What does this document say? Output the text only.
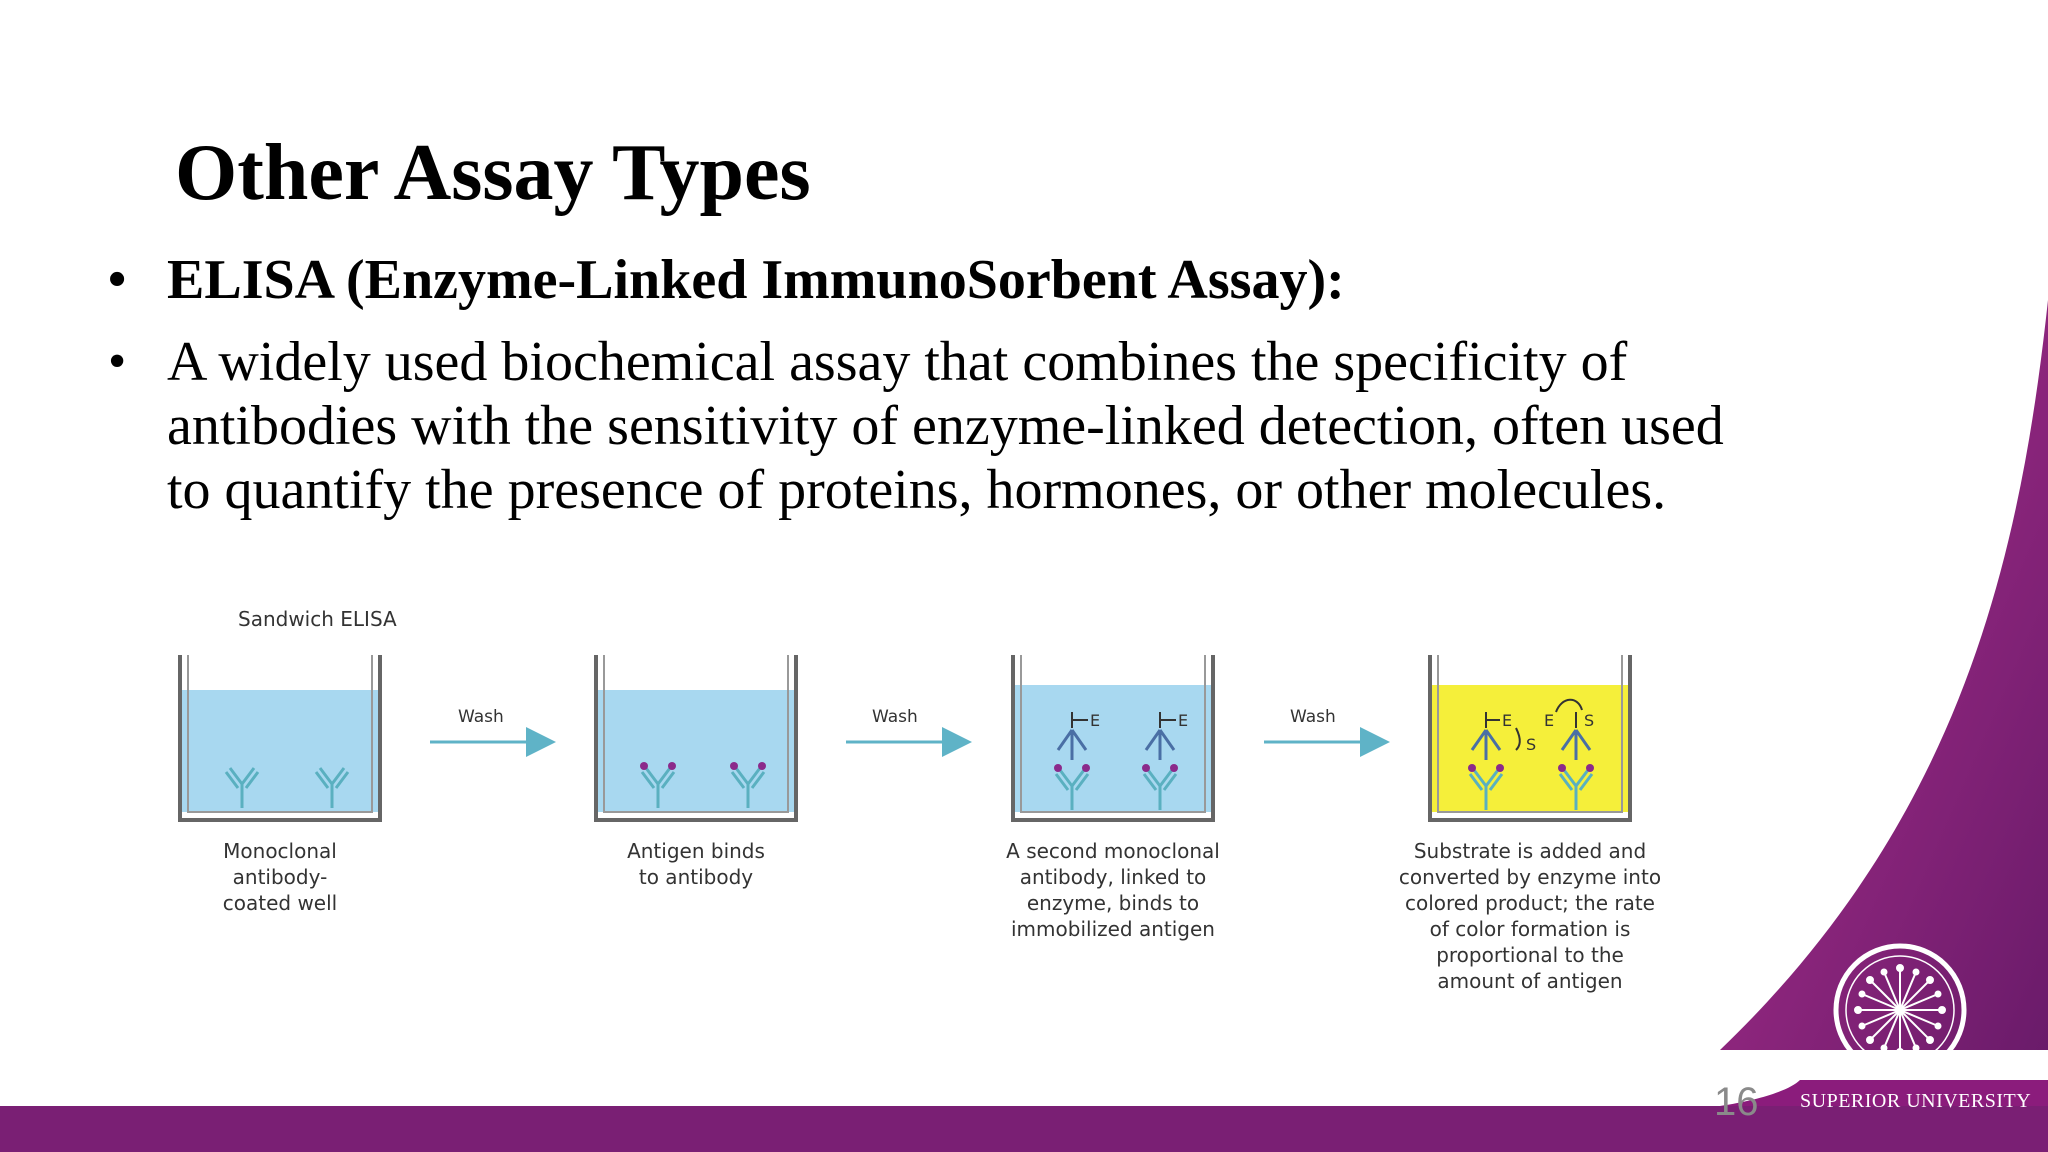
Other Assay Types
• ELISA (Enzyme-Linked ImmunoSorbent Assay):
• A widely used biochemical assay that combines the specificity of antibodies with the sensitivity of enzyme-linked detection, often used to quantify the presence of proteins, hormones, or other molecules.
Sandwich ELISA
Wash	Wash	E	E	Wash	E E
S
S
Monoclonal
antibody-
coated well
Antigen binds
to antibody
A second monoclonal
antibody, linked to
enzyme, binds to
immobilized antigen
Substrate is added and
converted by enzyme into
colored product; the rate
of color formation is
proportional to the
amount of antigen
16 SUPERIOR UNIVERSITY
